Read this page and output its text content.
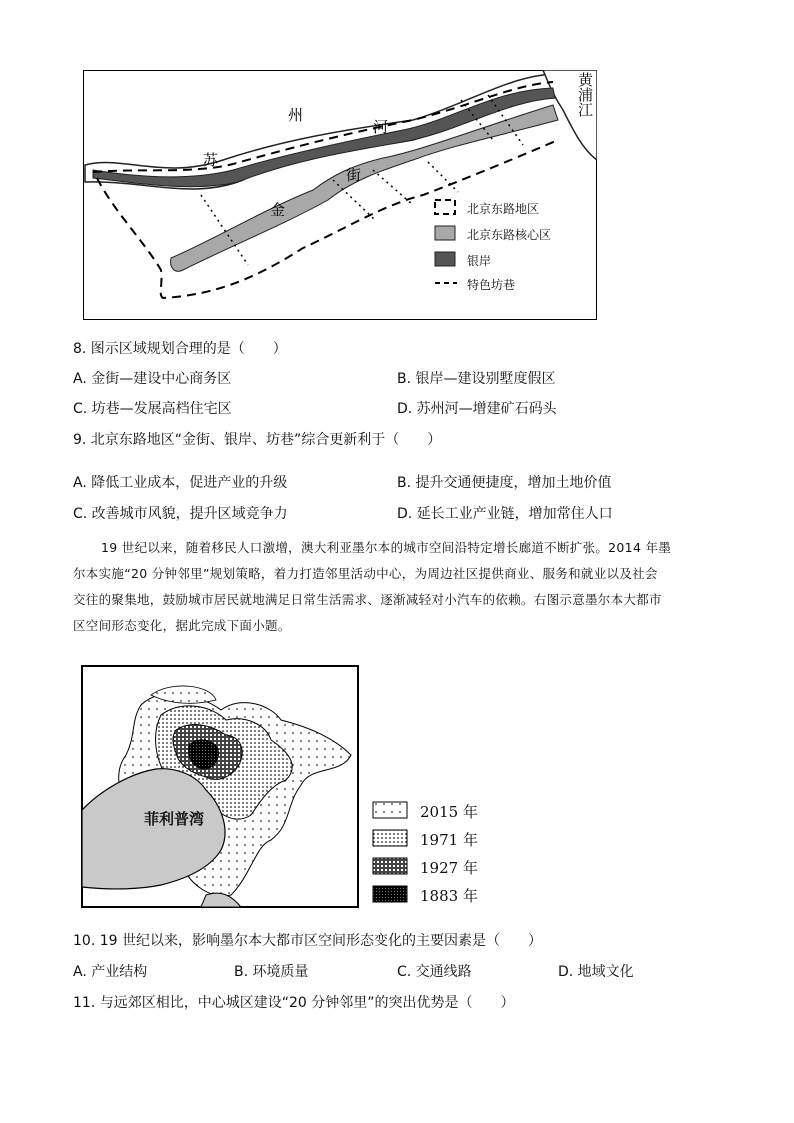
苏
州
河
街
金
黄浦江
北京东路地区
北京东路核心区
银岸
特色坊巷
8. 图示区域规划合理的是（　　）
A. 金街—建设中心商务区	B. 银岸—建设别墅度假区
C. 坊巷—发展高档住宅区	D. 苏州河—增建矿石码头
9. 北京东路地区“金街、银岸、坊巷”综合更新利于（　　）
A. 降低工业成本，促进产业的升级	B. 提升交通便捷度，增加土地价值
C. 改善城市风貌，提升区域竞争力	D. 延长工业产业链，增加常住人口

19 世纪以来，随着移民人口激增，澳大利亚墨尔本的城市空间沿特定增长廊道不断扩张。2014 年墨

尔本实施“20 分钟邻里”规划策略，着力打造邻里活动中心，为周边社区提供商业、服务和就业以及社会

交往的聚集地，鼓励城市居民就地满足日常生活需求、逐渐减轻对小汽车的依赖。右图示意墨尔本大都市

区空间形态变化，据此完成下面小题。

菲利普湾	2015 年
1971 年
1927 年
1883 年
10. 19 世纪以来，影响墨尔本大都市区空间形态变化的主要因素是（　　）
A. 产业结构	B. 环境质量	C. 交通线路	D. 地域文化
11. 与远郊区相比，中心城区建设“20 分钟邻里”的突出优势是（　　）
